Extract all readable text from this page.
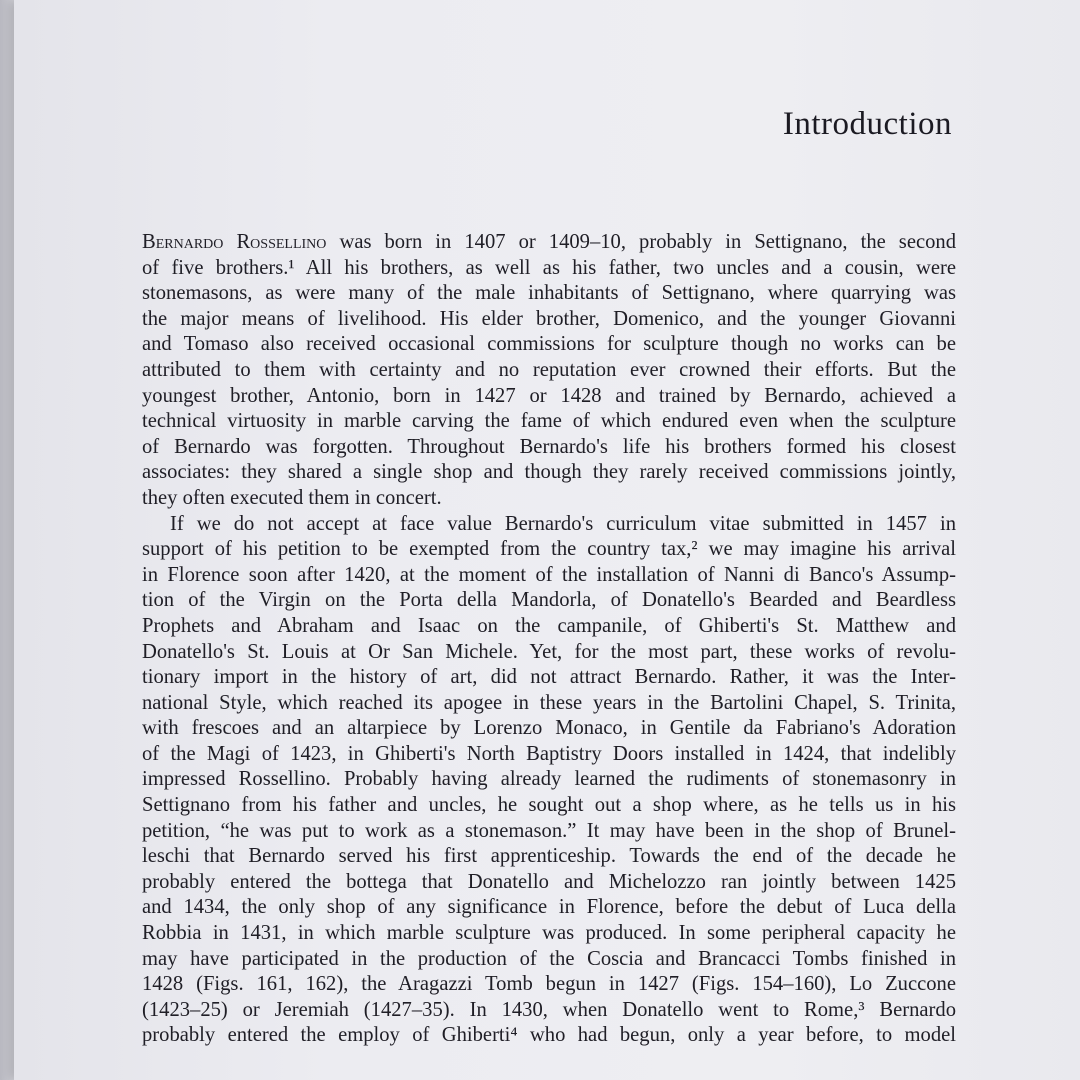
Introduction

Bernardo Rossellino was born in 1407 or 1409–10, probably in Settignano, the second
of five brothers.¹ All his brothers, as well as his father, two uncles and a cousin, were
stonemasons, as were many of the male inhabitants of Settignano, where quarrying was
the major means of livelihood. His elder brother, Domenico, and the younger Giovanni
and Tomaso also received occasional commissions for sculpture though no works can be
attributed to them with certainty and no reputation ever crowned their efforts. But the
youngest brother, Antonio, born in 1427 or 1428 and trained by Bernardo, achieved a
technical virtuosity in marble carving the fame of which endured even when the sculpture
of Bernardo was forgotten. Throughout Bernardo's life his brothers formed his closest
associates: they shared a single shop and though they rarely received commissions jointly,
they often executed them in concert.

If we do not accept at face value Bernardo's curriculum vitae submitted in 1457 in
support of his petition to be exempted from the country tax,² we may imagine his arrival
in Florence soon after 1420, at the moment of the installation of Nanni di Banco's Assump-
tion of the Virgin on the Porta della Mandorla, of Donatello's Bearded and Beardless
Prophets and Abraham and Isaac on the campanile, of Ghiberti's St. Matthew and
Donatello's St. Louis at Or San Michele. Yet, for the most part, these works of revolu-
tionary import in the history of art, did not attract Bernardo. Rather, it was the Inter-
national Style, which reached its apogee in these years in the Bartolini Chapel, S. Trinita,
with frescoes and an altarpiece by Lorenzo Monaco, in Gentile da Fabriano's Adoration
of the Magi of 1423, in Ghiberti's North Baptistry Doors installed in 1424, that indelibly
impressed Rossellino. Probably having already learned the rudiments of stonemasonry in
Settignano from his father and uncles, he sought out a shop where, as he tells us in his
petition, “he was put to work as a stonemason.” It may have been in the shop of Brunel-
leschi that Bernardo served his first apprenticeship. Towards the end of the decade he
probably entered the bottega that Donatello and Michelozzo ran jointly between 1425
and 1434, the only shop of any significance in Florence, before the debut of Luca della
Robbia in 1431, in which marble sculpture was produced. In some peripheral capacity he
may have participated in the production of the Coscia and Brancacci Tombs finished in
1428 (Figs. 161, 162), the Aragazzi Tomb begun in 1427 (Figs. 154–160), Lo Zuccone
(1423–25) or Jeremiah (1427–35). In 1430, when Donatello went to Rome,³ Bernardo
probably entered the employ of Ghiberti⁴ who had begun, only a year before, to model
